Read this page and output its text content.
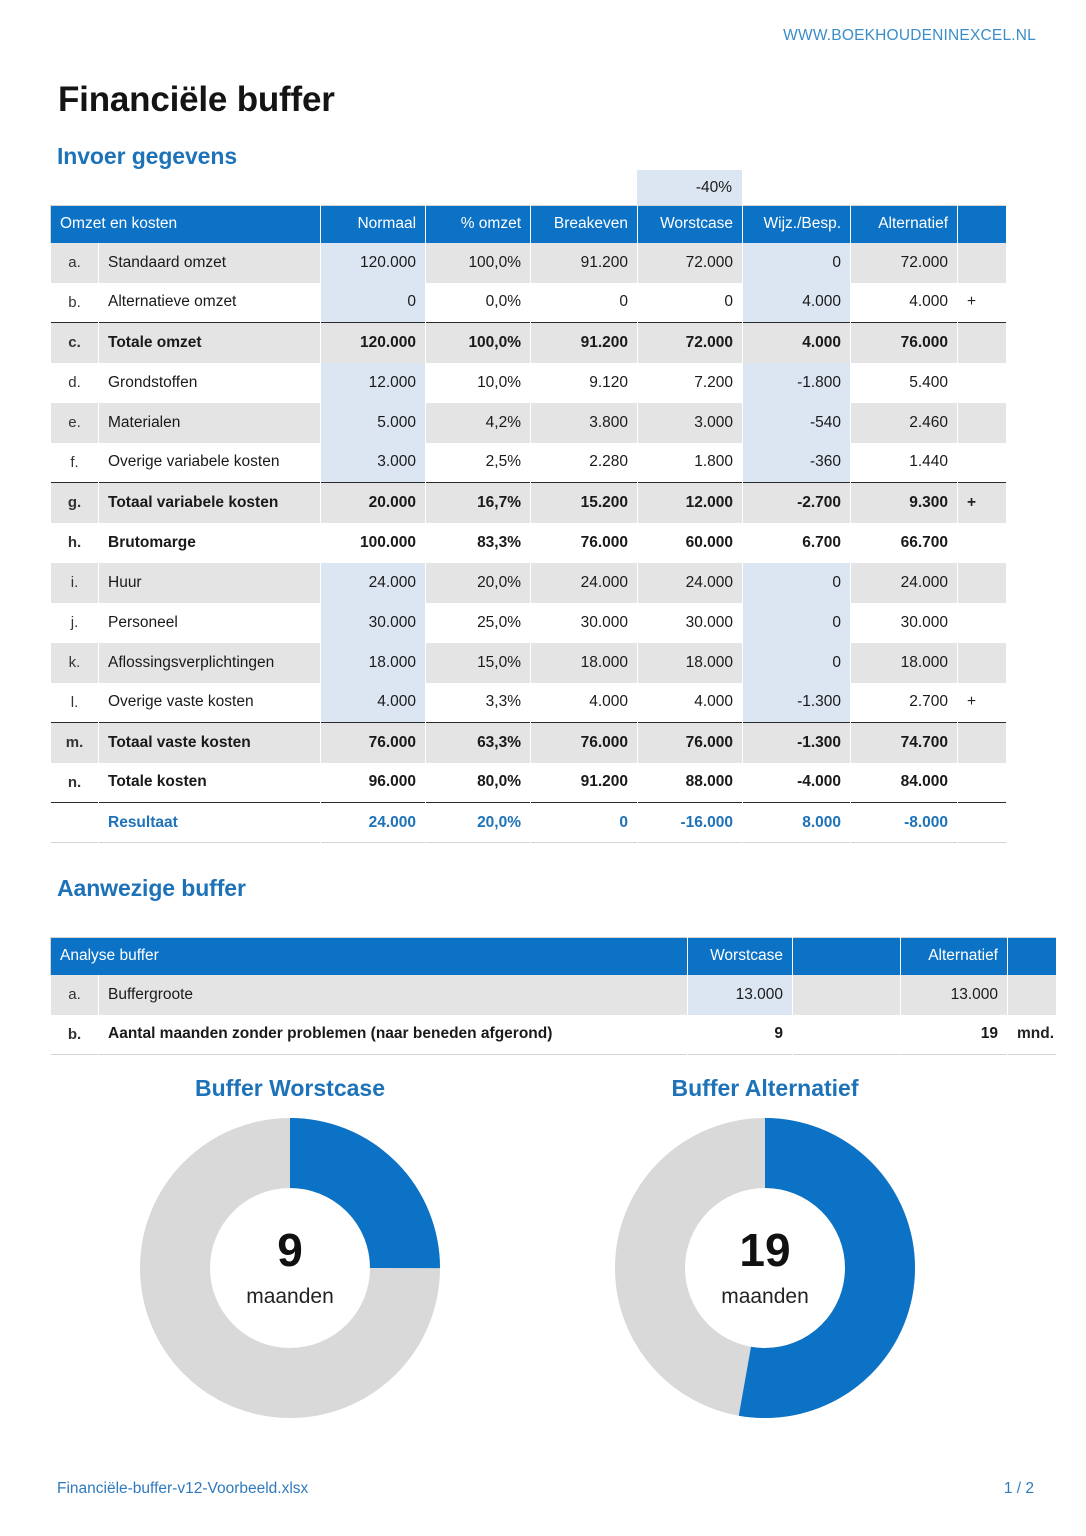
WWW.BOEKHOUDENINEXCEL.NL
Financiële buffer
Invoer gegevens
-40%
Omzet en kosten		Normaal	% omzet	Breakeven	Worstcase	Wijz./Besp.	Alternatief	
a.	Standaard omzet	120.000	100,0%	91.200	72.000	0	72.000	
b.	Alternatieve omzet	0	0,0%	0	0	4.000	4.000	+
c.	Totale omzet	120.000	100,0%	91.200	72.000	4.000	76.000	
d.	Grondstoffen	12.000	10,0%	9.120	7.200	-1.800	5.400	
e.	Materialen	5.000	4,2%	3.800	3.000	-540	2.460	
f.	Overige variabele kosten	3.000	2,5%	2.280	1.800	-360	1.440	
g.	Totaal variabele kosten	20.000	16,7%	15.200	12.000	-2.700	9.300	+
h.	Brutomarge	100.000	83,3%	76.000	60.000	6.700	66.700	
i.	Huur	24.000	20,0%	24.000	24.000	0	24.000	
j.	Personeel	30.000	25,0%	30.000	30.000	0	30.000	
k.	Aflossingsverplichtingen	18.000	15,0%	18.000	18.000	0	18.000	
l.	Overige vaste kosten	4.000	3,3%	4.000	4.000	-1.300	2.700	+
m.	Totaal vaste kosten	76.000	63,3%	76.000	76.000	-1.300	74.700	
n.	Totale kosten	96.000	80,0%	91.200	88.000	-4.000	84.000	
	Resultaat	24.000	20,0%	0	-16.000	8.000	-8.000	
Aanwezige buffer
Analyse buffer		Worstcase		Alternatief	
a.	Buffergroote	13.000		13.000	
b.	Aantal maanden zonder problemen (naar beneden afgerond)	9		19	mnd.
Buffer Worstcase
9
maanden
Buffer Alternatief
19
maanden
Financiële-buffer-v12-Voorbeeld.xlsx	1 / 2
